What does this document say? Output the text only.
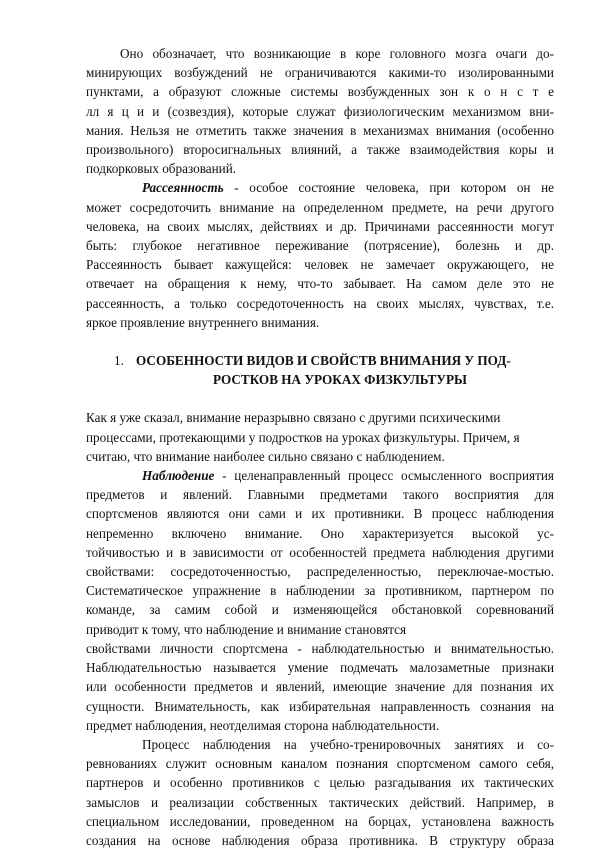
Оно обозначает, что возникающие в коре головного мозга очаги до-
минирующих возбуждений не ограничиваются какими-то изолированными
пунктами, а образуют сложные системы возбужденных зон к о н с т е
лл я ц и и (созвездия), которые служат физиологическим механизмом вни-
мания. Нельзя не отметить также значения в механизмах внимания (особенно
произвольного) второсигнальных влияний, а также взаимодействия коры и
подкорковых образований.

Рассеянность - особое состояние человека, при котором он не
может сосредоточить внимание на определенном предмете, на речи другого
человека, на своих мыслях, действиях и др. Причинами рассеянности могут
быть: глубокое негативное переживание (потрясение), болезнь и др.
Рассеянность бывает кажущейся: человек не замечает окружающего, не
отвечает на обращения к нему, что-то забывает. На самом деле это не
рассеянность, а только сосредоточенность на своих мыслях, чувствах, т.е.
яркое проявление внутреннего внимания.

1. ОСОБЕННОСТИ ВИДОВ И СВОЙСТВ ВНИМАНИЯ У ПОД-
РОСТКОВ НА УРОКАХ ФИЗКУЛЬТУРЫ

Как я уже сказал, внимание неразрывно связано с другими психическими
процессами, протекающими у подростков на уроках физкультуры. Причем, я
считаю, что внимание наиболее сильно связано с наблюдением.

Наблюдение - целенаправленный процесс осмысленного восприятия
предметов и явлений. Главными предметами такого восприятия для
спортсменов являются они сами и их противники. В процесс наблюдения
непременно включено внимание. Оно характеризуется высокой ус-
тойчивостью и в зависимости от особенностей предмета наблюдения другими
свойствами: сосредоточенностью, распределенностью, переключае-мостью.
Систематическое упражнение в наблюдении за противником, партнером по
команде, за самим собой и изменяющейся обстановкой соревнований
приводит к тому, что наблюдение и внимание становятся
свойствами личности спортсмена - наблюдательностью и внимательностью.
Наблюдательностью называется умение подмечать малозаметные признаки
или особенности предметов и явлений, имеющие значение для познания их
сущности. Внимательность, как избирательная направленность сознания на
предмет наблюдения, неотделимая сторона наблюдательности.

Процесс наблюдения на учебно-тренировочных занятиях и со-
ревнованиях служит основным каналом познания спортсменом самого себя,
партнеров и особенно противников с целью разгадывания их тактических
замыслов и реализации собственных тактических действий. Например, в
специальном исследовании, проведенном на борцах, установлена важность
создания на основе наблюдения образа противника. В структуру образа
